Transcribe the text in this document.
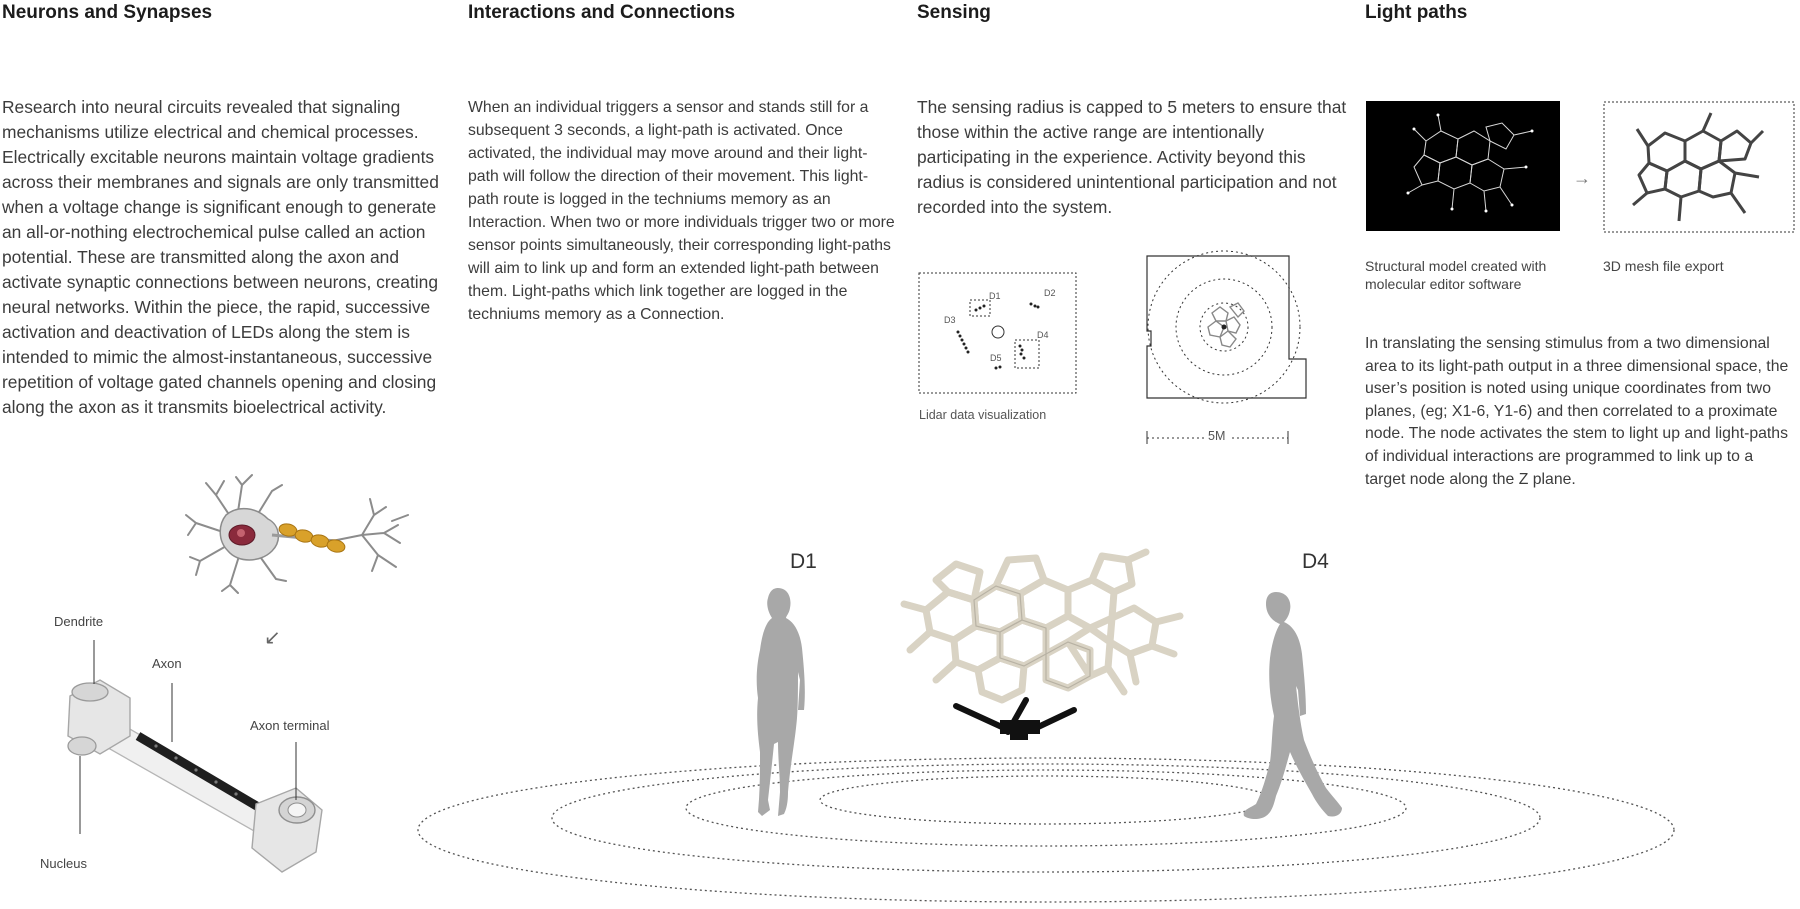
Neurons and Synapses	Interactions and Connections	Sensing	Light paths

Research into neural circuits revealed that signaling mechanisms utilize electrical and chemical processes. Electrically excitable neurons maintain voltage gradients across their membranes and signals are only transmitted when a voltage change is significant enough to generate an all-or-nothing electrochemical pulse called an action potential. These are transmitted along the axon and activate synaptic connections between neurons, creating neural networks. Within the piece, the rapid, successive activation and deactivation of LEDs along the stem is intended to mimic the almost-instantaneous, successive repetition of voltage gated channels opening and closing along the axon as it transmits bioelectrical activity.

When an individual triggers a sensor and stands still for a subsequent 3 seconds, a light-path is activated. Once activated, the individual may move around and their light-path will follow the direction of their movement. This light-path route is logged in the techniums memory as an Interaction. When two or more individuals trigger two or more sensor points simultaneously, their corresponding light-paths will aim to link up and form an extended light-path between them. Light-paths which link together are logged in the techniums memory as a Connection.

The sensing radius is capped to 5 meters to ensure that those within the active range are intentionally participating in the experience. Activity beyond this radius is considered unintentional participation and not recorded into the system.

D1	D2
D3
D4
D5
Lidar data visualization
5M
→

Structural model created with molecular editor software

3D mesh file export

In translating the sensing stimulus from a two dimensional area to its light-path output in a three dimensional space, the user’s position is noted using unique coordinates from two planes, (eg; X1-6, Y1-6) and then correlated to a proximate node. The node activates the stem to light up and light-paths of individual interactions are programmed to link up to a target node along the Z plane.

↙
Dendrite
Axon
Axon terminal
Nucleus
D1	D4
